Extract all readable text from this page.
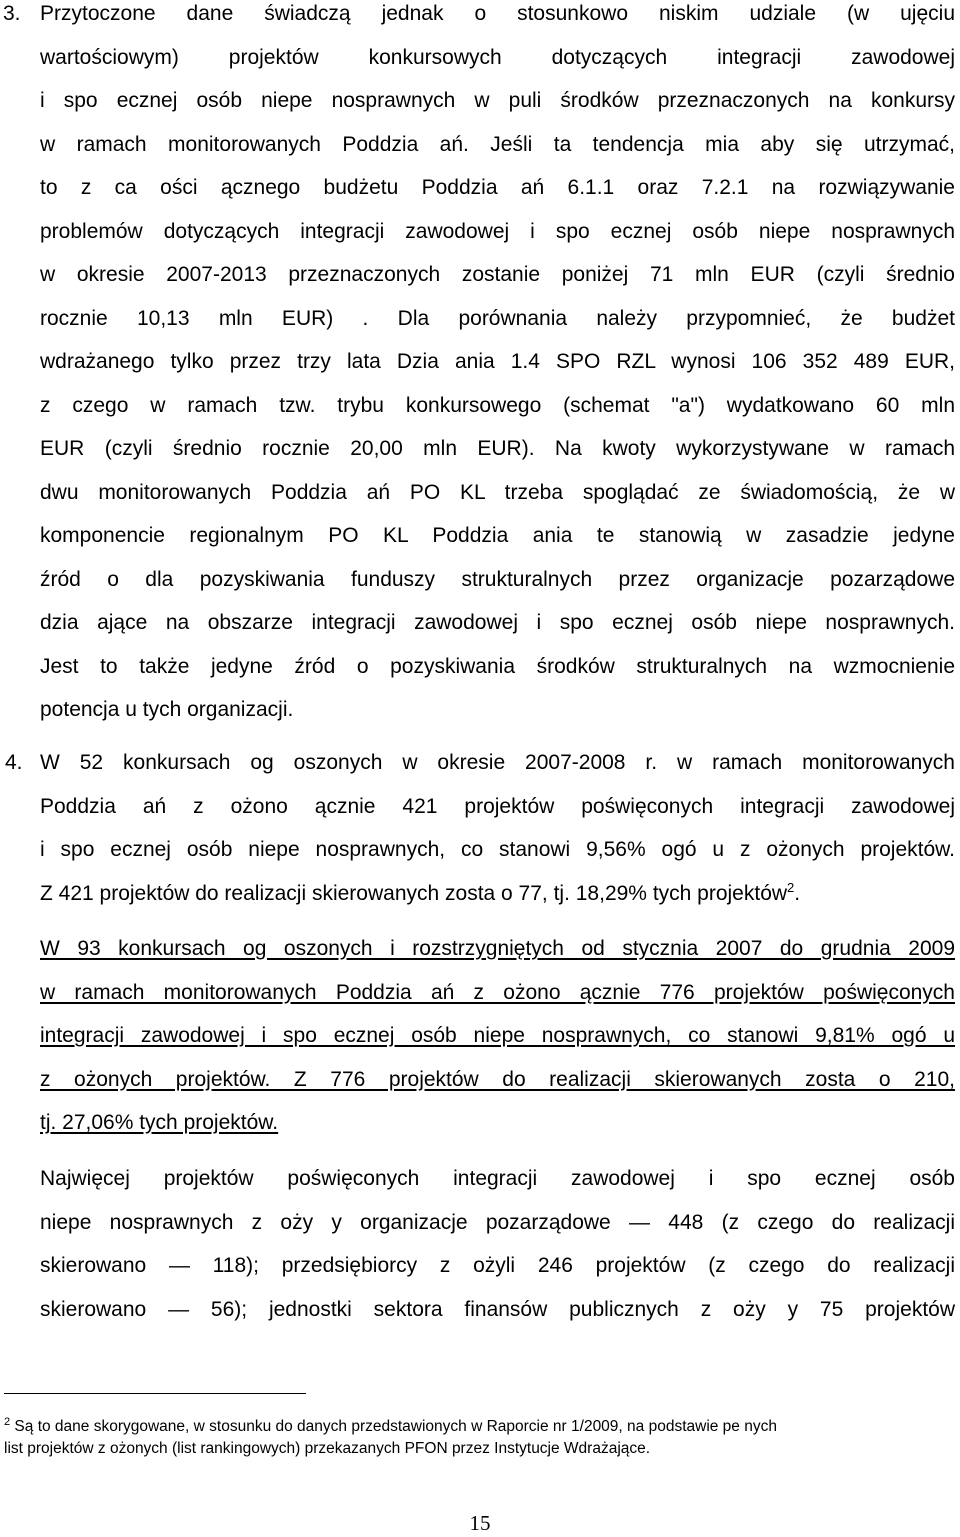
3. Przytoczone dane świadczą jednak o stosunkowo niskim udziale (w ujęciu
wartościowym) projektów konkursowych dotyczących integracji zawodowej
i spo ecznej osób niepe nosprawnych w puli środków przeznaczonych na konkursy
w ramach monitorowanych Poddzia ań. Jeśli ta tendencja mia aby się utrzymać,
to z ca ości ącznego budżetu Poddzia ań 6.1.1 oraz 7.2.1 na rozwiązywanie
problemów dotyczących integracji zawodowej i spo ecznej osób niepe nosprawnych
w okresie 2007-2013 przeznaczonych zostanie poniżej 71 mln EUR (czyli średnio
rocznie 10,13 mln EUR) . Dla porównania należy przypomnieć, że budżet
wdrażanego tylko przez trzy lata Dzia ania 1.4 SPO RZL wynosi 106 352 489 EUR,
z czego w ramach tzw. trybu konkursowego (schemat "a") wydatkowano 60 mln
EUR (czyli średnio rocznie 20,00 mln EUR). Na kwoty wykorzystywane w ramach
dwu monitorowanych Poddzia ań PO KL trzeba spoglądać ze świadomością, że w
komponencie regionalnym PO KL Poddzia ania te stanowią w zasadzie jedyne
źród o dla pozyskiwania funduszy strukturalnych przez organizacje pozarządowe
dzia ające na obszarze integracji zawodowej i spo ecznej osób niepe nosprawnych.
Jest to także jedyne źród o pozyskiwania środków strukturalnych na wzmocnienie
potencja u tych organizacji.
4. W 52 konkursach og oszonych w okresie 2007-2008 r. w ramach monitorowanych
Poddzia ań z ożono ącznie 421 projektów poświęconych integracji zawodowej
i spo ecznej osób niepe nosprawnych, co stanowi 9,56% ogó u z ożonych projektów.
Z 421 projektów do realizacji skierowanych zosta o 77, tj. 18,29% tych projektów$^2$.
W 93 konkursach og oszonych i rozstrzygniętych od stycznia 2007 do grudnia 2009
w ramach monitorowanych Poddzia ań z ożono ącznie 776 projektów poświęconych
integracji zawodowej i spo ecznej osób niepe nosprawnych, co stanowi 9,81% ogó u
z ożonych projektów. Z 776 projektów do realizacji skierowanych zosta o 210,
tj. 27,06% tych projektów.
Najwięcej projektów poświęconych integracji zawodowej i spo ecznej osób
niepe nosprawnych z oży y organizacje pozarządowe — 448 (z czego do realizacji
skierowano — 118); przedsiębiorcy z ożyli 246 projektów (z czego do realizacji
skierowano — 56); jednostki sektora finansów publicznych z oży y 75 projektów
$^2$ Są to dane skorygowane, w stosunku do danych przedstawionych w Raporcie nr 1/2009, na podstawie pe nych
list projektów z ożonych (list rankingowych) przekazanych PFON przez Instytucje Wdrażające.
15
